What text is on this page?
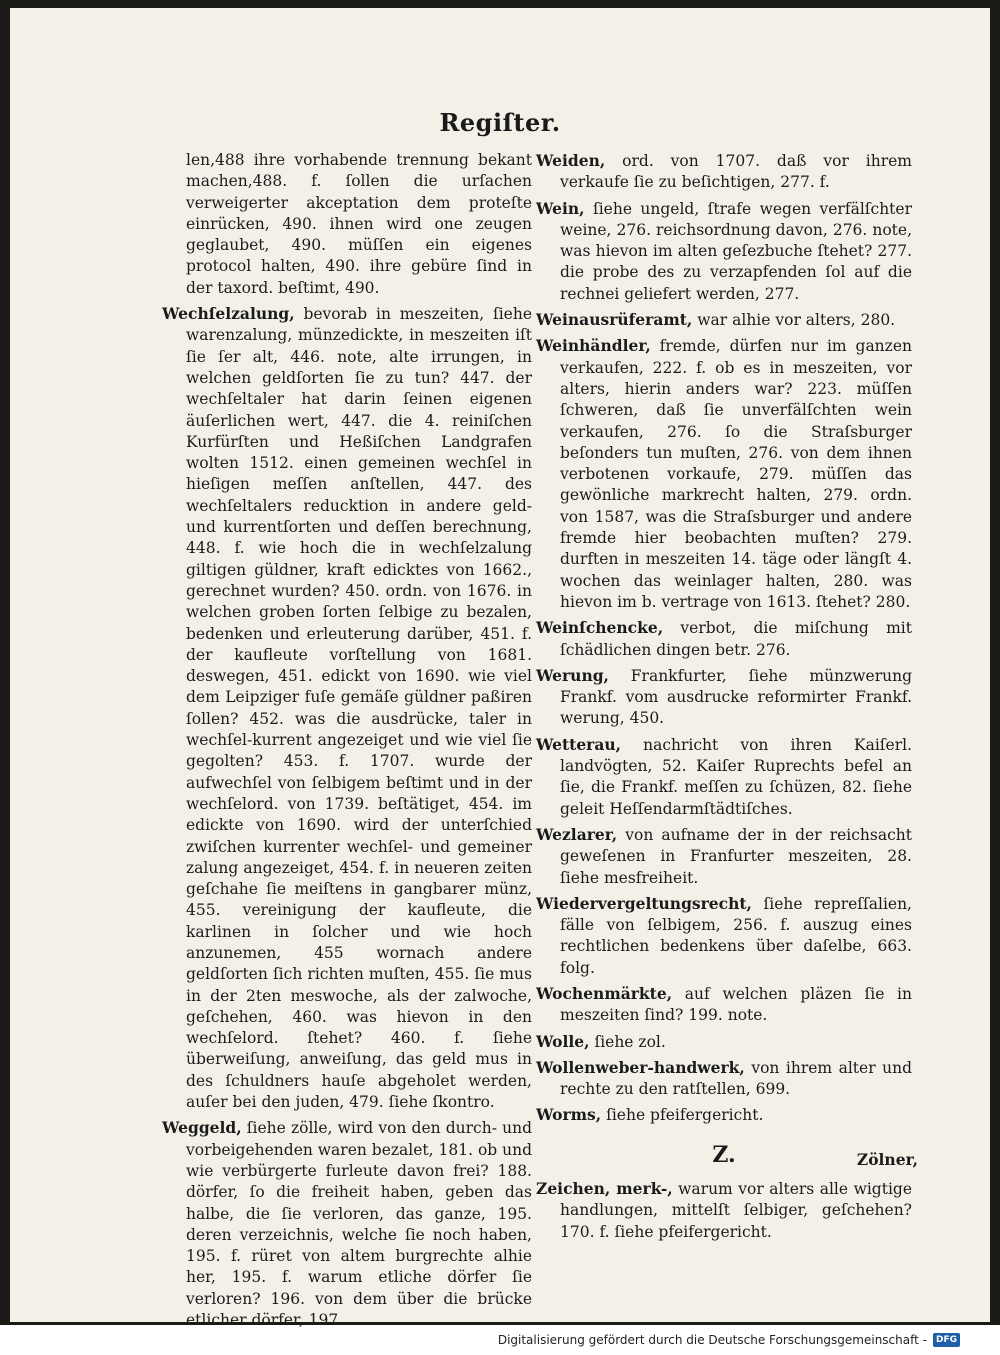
Regiſter.

len,488 ihre vorhabende trennung bekant machen,488. f. ſollen die urſachen verweigerter akceptation dem proteſte einrücken, 490. ihnen wird one zeugen geglaubet, 490. müſſen ein eigenes protocol halten, 490. ihre gebüre ſind in der taxord. beſtimt, 490.

Wechſelzalung, bevorab in meszeiten, ſiehe warenzalung, münzedickte, in meszeiten iſt ſie ſer alt, 446. note, alte irrungen, in welchen geldſorten ſie zu tun? 447. der wechſeltaler hat darin ſeinen eigenen äuſerlichen wert, 447. die 4. reiniſchen Kurfürſten und Heßiſchen Landgrafen wolten 1512. einen gemeinen wechſel in hieſigen meſſen anſtellen, 447. des wechſeltalers reducktion in andere geld- und kurrentſorten und deſſen berechnung, 448. f. wie hoch die in wechſelzalung giltigen güldner, kraft edicktes von 1662., gerechnet wurden? 450. ordn. von 1676. in welchen groben ſorten ſelbige zu bezalen, bedenken und erleuterung darüber, 451. f. der kaufleute vorſtellung von 1681. deswegen, 451. edickt von 1690. wie viel dem Leipziger fuſe gemäſe güldner paßiren ſollen? 452. was die ausdrücke, taler in wechſel-kurrent angezeiget und wie viel ſie gegolten? 453. f. 1707. wurde der aufwechſel von ſelbigem beſtimt und in der wechſelord. von 1739. beſtätiget, 454. im edickte von 1690. wird der unterſchied zwiſchen kurrenter wechſel- und gemeiner zalung angezeiget, 454. f. in neueren zeiten geſchahe ſie meiſtens in gangbarer münz, 455. vereinigung der kaufleute, die karlinen in ſolcher und wie hoch anzunemen, 455 wornach andere geldſorten ſich richten muſten, 455. ſie mus in der 2ten meswoche, als der zalwoche, geſchehen, 460. was hievon in den wechſelord. ſtehet? 460. f. ſiehe überweiſung, anweiſung, das geld mus in des ſchuldners hauſe abgeholet werden, auſer bei den juden, 479. ſiehe ſkontro.

Weggeld, ſiehe zölle, wird von den durch- und vorbeigehenden waren bezalet, 181. ob und wie verbürgerte furleute davon frei? 188. dörfer, ſo die freiheit haben, geben das halbe, die ſie verloren, das ganze, 195. deren verzeichnis, welche ſie noch haben, 195. f. rüret von altem burgrechte alhie her, 195. f. warum etliche dörfer ſie verloren? 196. von dem über die brücke etlicher dörfer, 197.

Weiden, ord. von 1707. daß vor ihrem verkaufe ſie zu beſichtigen, 277. f.

Wein, ſiehe ungeld, ſtrafe wegen verfälſchter weine, 276. reichsordnung davon, 276. note, was hievon im alten geſezbuche ſtehet? 277. die probe des zu verzapfenden ſol auf die rechnei geliefert werden, 277.

Weinausrüferamt, war alhie vor alters, 280.

Weinhändler, fremde, dürfen nur im ganzen verkaufen, 222. f. ob es in meszeiten, vor alters, hierin anders war? 223. müſſen ſchweren, daß ſie unverfälſchten wein verkaufen, 276. ſo die Straſsburger beſonders tun muſten, 276. von dem ihnen verbotenen vorkaufe, 279. müſſen das gewönliche markrecht halten, 279. ordn. von 1587, was die Straſsburger und andere fremde hier beobachten muſten? 279. durften in meszeiten 14. täge oder längſt 4. wochen das weinlager halten, 280. was hievon im b. vertrage von 1613. ſtehet? 280.

Weinſchencke, verbot, die miſchung mit ſchädlichen dingen betr. 276.

Werung, Frankfurter, ſiehe münzwerung Frankf. vom ausdrucke reformirter Frankf. werung, 450.

Wetterau, nachricht von ihren Kaiſerl. landvögten, 52. Kaiſer Ruprechts befel an ſie, die Frankf. meſſen zu ſchüzen, 82. ſiehe geleit Heſſendarmſtädtiſches.

Wezlarer, von aufname der in der reichsacht geweſenen in Franfurter meszeiten, 28. ſiehe mesfreiheit.

Wiedervergeltungsrecht, ſiehe repreſſalien, fälle von ſelbigem, 256. f. auszug eines rechtlichen bedenkens über daſelbe, 663. folg.

Wochenmärkte, auf welchen pläzen ſie in meszeiten ſind? 199. note.

Wolle, ſiehe zol.

Wollenweber-handwerk, von ihrem alter und rechte zu den ratſtellen, 699.

Worms, ſiehe pfeifergericht.

Z.

Zeichen, merk-, warum vor alters alle wigtige handlungen, mittelſt ſelbiger, geſchehen? 170. f. ſiehe pfeifergericht.

Zölner,
Digitalisierung gefördert durch die Deutsche Forschungsgemeinschaft -	DFG
